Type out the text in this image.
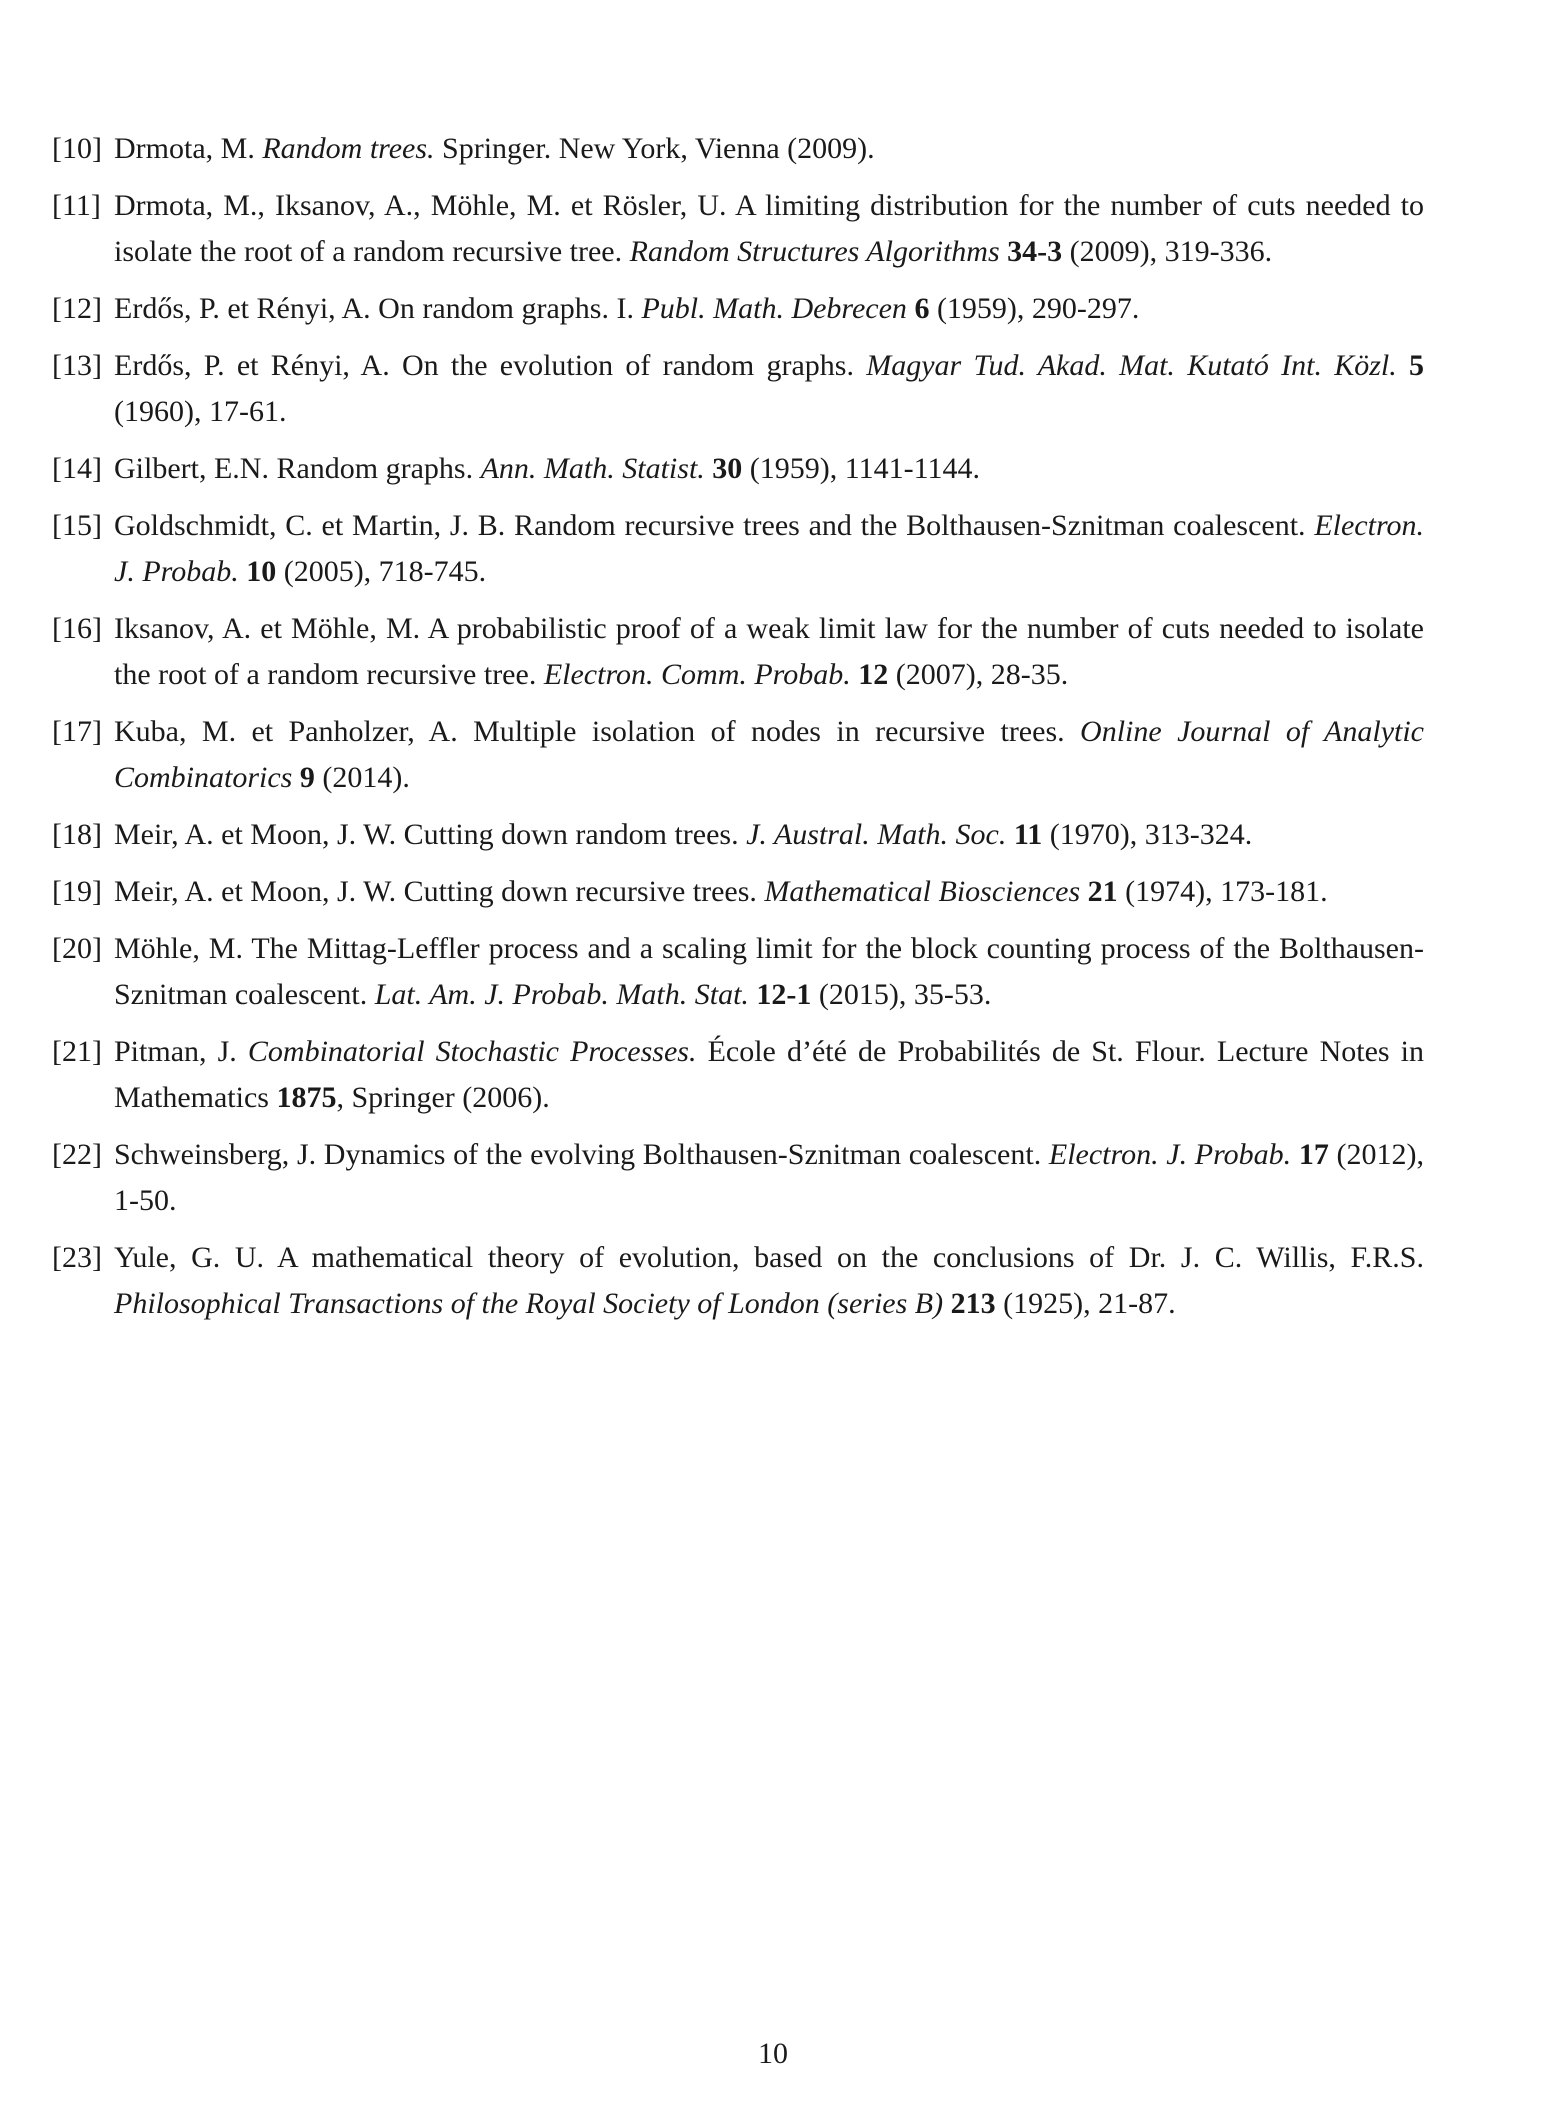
[10] Drmota, M. Random trees. Springer. New York, Vienna (2009).
[11] Drmota, M., Iksanov, A., Möhle, M. et Rösler, U. A limiting distribution for the number of cuts needed to isolate the root of a random recursive tree. Random Structures Algorithms 34-3 (2009), 319-336.
[12] Erdős, P. et Rényi, A. On random graphs. I. Publ. Math. Debrecen 6 (1959), 290-297.
[13] Erdős, P. et Rényi, A. On the evolution of random graphs. Magyar Tud. Akad. Mat. Kutató Int. Közl. 5 (1960), 17-61.
[14] Gilbert, E.N. Random graphs. Ann. Math. Statist. 30 (1959), 1141-1144.
[15] Goldschmidt, C. et Martin, J. B. Random recursive trees and the Bolthausen-Sznitman coalescent. Electron. J. Probab. 10 (2005), 718-745.
[16] Iksanov, A. et Möhle, M. A probabilistic proof of a weak limit law for the number of cuts needed to isolate the root of a random recursive tree. Electron. Comm. Probab. 12 (2007), 28-35.
[17] Kuba, M. et Panholzer, A. Multiple isolation of nodes in recursive trees. Online Journal of Analytic Combinatorics 9 (2014).
[18] Meir, A. et Moon, J. W. Cutting down random trees. J. Austral. Math. Soc. 11 (1970), 313-324.
[19] Meir, A. et Moon, J. W. Cutting down recursive trees. Mathematical Biosciences 21 (1974), 173-181.
[20] Möhle, M. The Mittag-Leffler process and a scaling limit for the block counting process of the Bolthausen-Sznitman coalescent. Lat. Am. J. Probab. Math. Stat. 12-1 (2015), 35-53.
[21] Pitman, J. Combinatorial Stochastic Processes. École d’été de Probabilités de St. Flour. Lecture Notes in Mathematics 1875, Springer (2006).
[22] Schweinsberg, J. Dynamics of the evolving Bolthausen-Sznitman coalescent. Electron. J. Probab. 17 (2012), 1-50.
[23] Yule, G. U. A mathematical theory of evolution, based on the conclusions of Dr. J. C. Willis, F.R.S. Philosophical Transactions of the Royal Society of London (series B) 213 (1925), 21-87.
10
